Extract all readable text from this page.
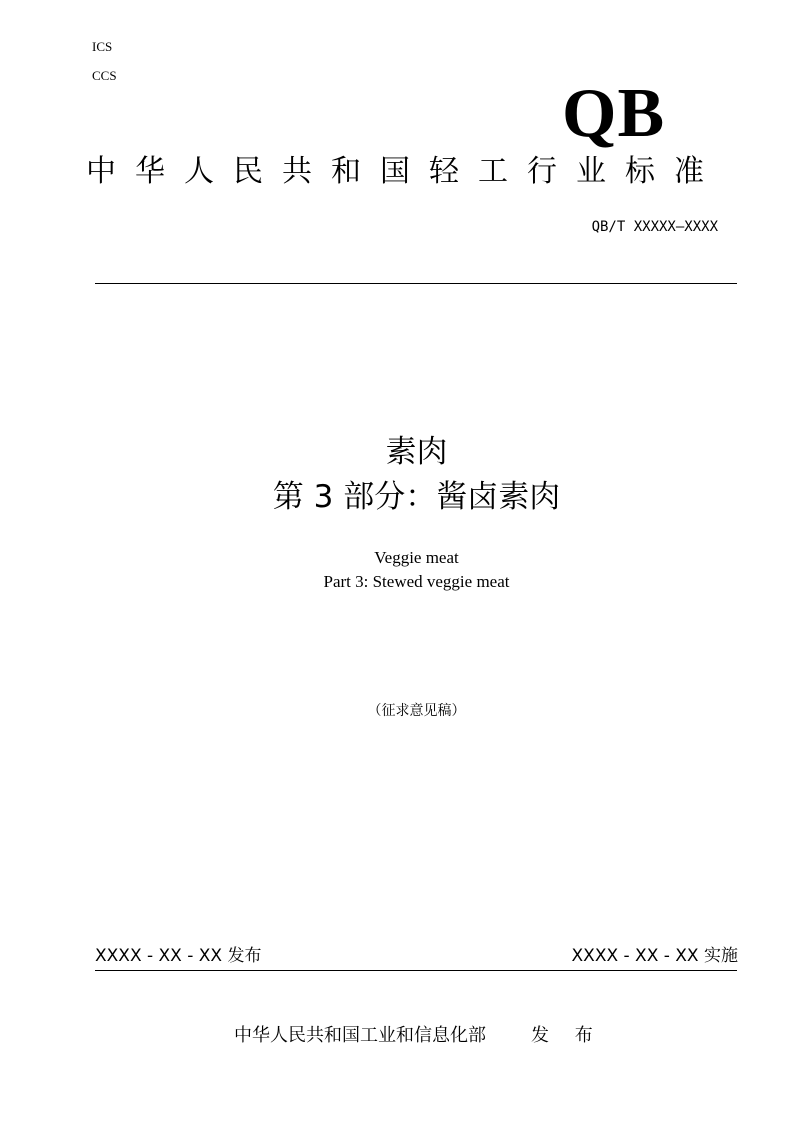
ICS
CCS	QB
中华人民共和国轻工行业标准
QB/T XXXXX—XXXX
素肉
第 3 部分：酱卤素肉
Veggie meat
Part 3: Stewed veggie meat
（征求意见稿）
XXXX - XX - XX 发布	XXXX - XX - XX 实施
中华人民共和国工业和信息化部	发 布
